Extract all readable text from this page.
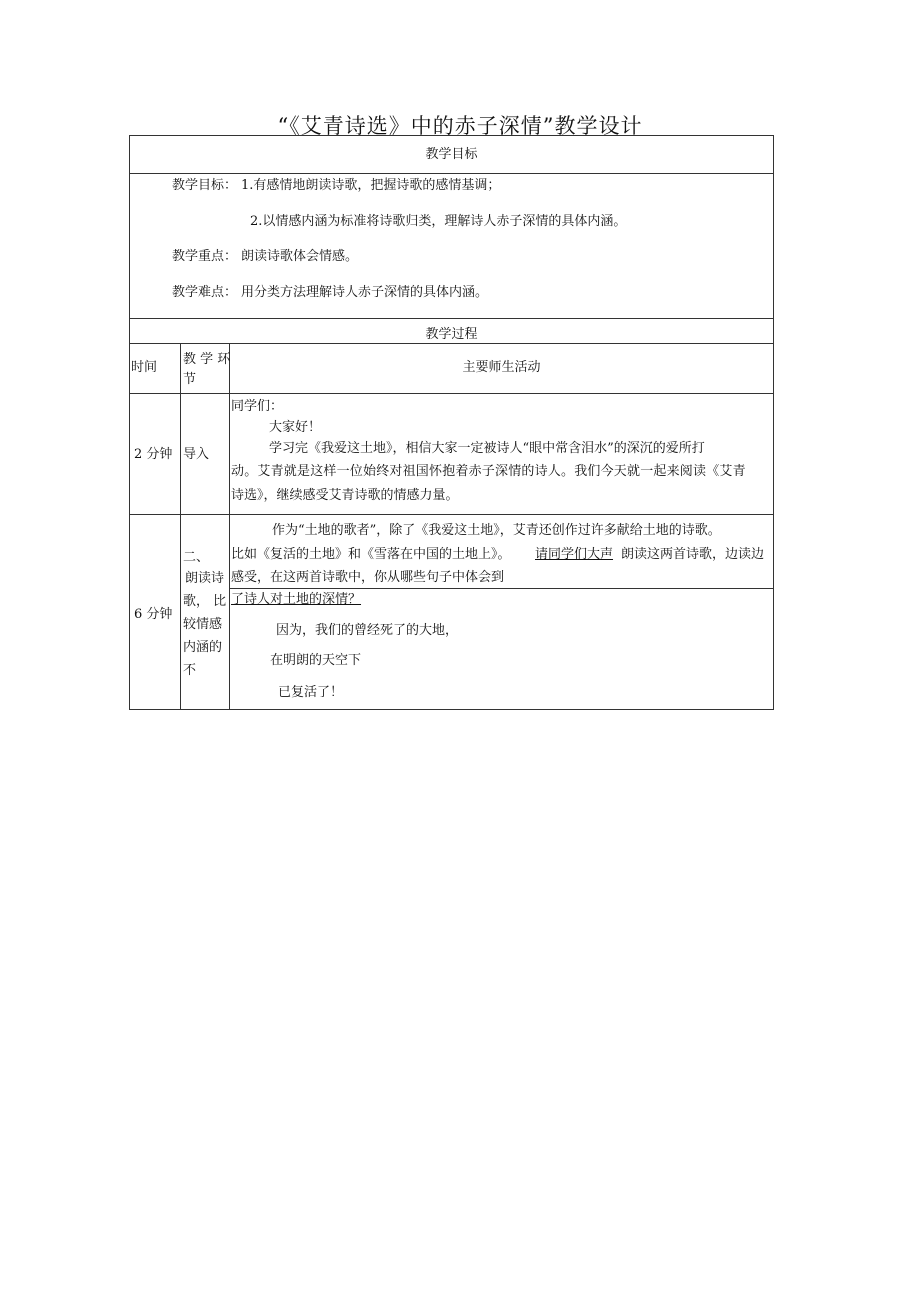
“《艾青诗选》中的赤子深情”教学设计
教学目标
教学目标： 1.有感情地朗读诗歌，把握诗歌的感情基调；
2.以情感内涵为标准将诗歌归类，理解诗人赤子深情的具体内涵。
教学重点： 朗读诗歌体会情感。
教学难点： 用分类方法理解诗人赤子深情的具体内涵。
教学过程
时间
教 学 环
节
主要师生活动
2 分钟 导入
同学们：
大家好！
学习完《我爱这土地》，相信大家一定被诗人“眼中常含泪水”的深沉的爱所打
动。艾青就是这样一位始终对祖国怀抱着赤子深情的诗人。我们今天就一起来阅读《艾青
诗选》，继续感受艾青诗歌的情感力量。
6 分钟
二、
朗读诗
歌， 比
较情感
内涵的
不
作为“土地的歌者”，除了《我爱这土地》，艾青还创作过许多献给土地的诗歌。
比如《复活的土地》和《雪落在中国的土地上》。 请同学们大声 朗读这两首诗歌，边读边
感受，在这两首诗歌中，你从哪些句子中体会到
了诗人对土地的深情？
因为，我们的曾经死了的大地，
在明朗的天空下
已复活了！
